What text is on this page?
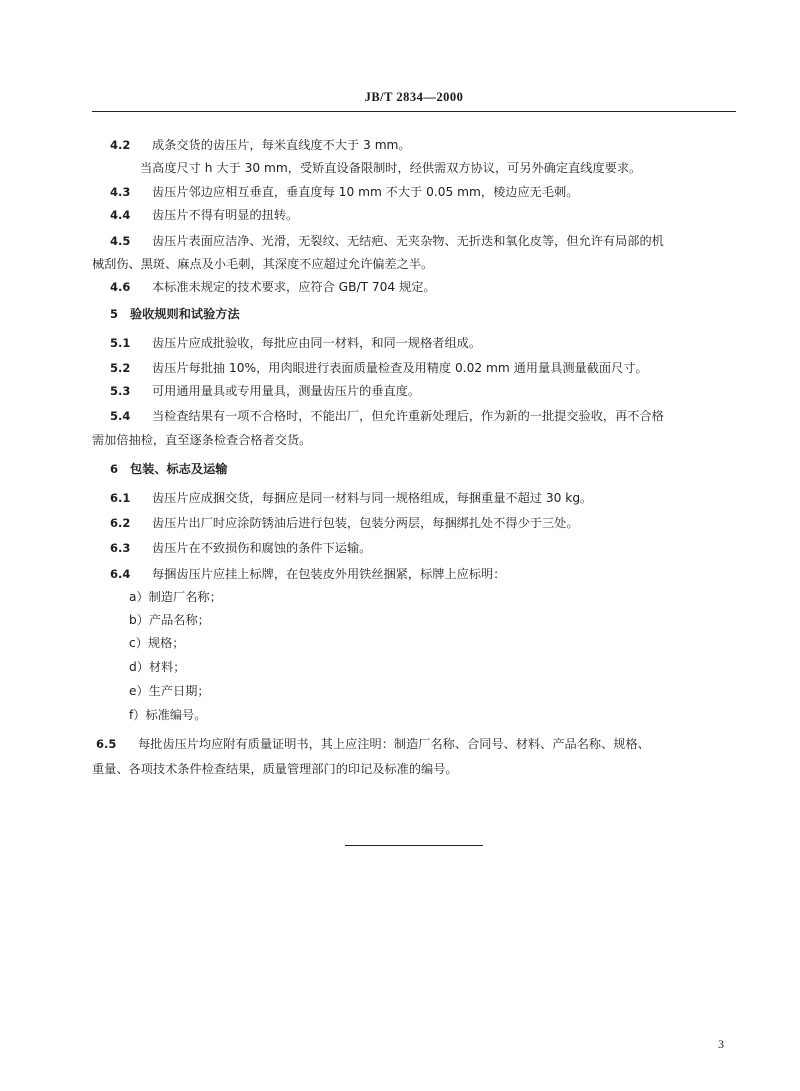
JB/T 2834—2000
4.2 成条交货的齿压片，每米直线度不大于 3 mm。
当高度尺寸 h 大于 30 mm，受矫直设备限制时，经供需双方协议，可另外确定直线度要求。
4.3 齿压片邻边应相互垂直，垂直度每 10 mm 不大于 0.05 mm，棱边应无毛刺。
4.4 齿压片不得有明显的扭转。
4.5 齿压片表面应洁净、光滑，无裂纹、无结疤、无夹杂物、无折迭和氧化皮等，但允许有局部的机
械刮伤、黑斑、麻点及小毛刺，其深度不应超过允许偏差之半。
4.6 本标准未规定的技术要求，应符合 GB/T 704 规定。
5 验收规则和试验方法
5.1 齿压片应成批验收，每批应由同一材料，和同一规格者组成。
5.2 齿压片每批抽 10%，用肉眼进行表面质量检查及用精度 0.02 mm 通用量具测量截面尺寸。
5.3 可用通用量具或专用量具，测量齿压片的垂直度。
5.4 当检查结果有一项不合格时，不能出厂，但允许重新处理后，作为新的一批提交验收，再不合格
需加倍抽检，直至逐条检查合格者交货。
6 包装、标志及运输
6.1 齿压片应成捆交货，每捆应是同一材料与同一规格组成，每捆重量不超过 30 kg。
6.2 齿压片出厂时应涂防锈油后进行包装，包装分两层，每捆绑扎处不得少于三处。
6.3 齿压片在不致损伤和腐蚀的条件下运输。
6.4 每捆齿压片应挂上标牌，在包装皮外用铁丝捆紧，标牌上应标明：
a）制造厂名称；
b）产品名称；
c）规格；
d）材料；
e）生产日期；
f）标准编号。
6.5 每批齿压片均应附有质量证明书，其上应注明：制造厂名称、合同号、材料、产品名称、规格、
重量、各项技术条件检查结果，质量管理部门的印记及标准的编号。
3
